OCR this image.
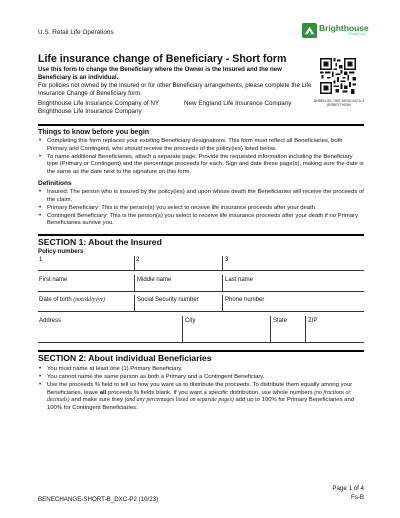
U.S. Retail Life Operations	Brighthouse
FINANCIAL
Life insurance change of Beneficiary - Short form
Use this form to change the Beneficiary where the Owner is the Insured and the new Beneficiary is an individual.
For policies not owned by the Insured or for other Beneficiary arrangements, please complete the Life Insurance Change of Beneficiary form.
Brighthouse Life Insurance Company of NY
Brighthouse Life Insurance Company
New England Life Insurance Company	BHBEN-SE-7WS-ARSD-9A7A-3
(RRBEFTHEW)
Things to know before you begin
• Completing this form replaces your existing Beneficiary designations. This form must reflect all Beneficiaries, both Primary and Contingent, who should receive the proceeds of the policy(ies) listed below.
• To name additional Beneficiaries, attach a separate page. Provide the requested information including the Beneficiary type (Primary or Contingent) and the percentage proceeds for each. Sign and date these page(s), making sure the date is the same as the date next to the signature on this form.
Definitions
• Insured: The person who is insured by the policy(ies) and upon whose death the Beneficiaries will receive the proceeds of the claim.
• Primary Beneficiary: This is the person(s) you select to receive life insurance proceeds after your death.
• Contingent Beneficiary: This is the person(s) you select to receive life insurance proceeds after your death if no Primary Beneficiaries survive you.
SECTION 1: About the Insured
Policy numbers
1	2	3
First name	Middle name	Last name
Date of birth (mm/dd/yyyy)	Social Security number	Phone number
Address	City	State	ZIP
SECTION 2: About individual Beneficiaries
• You must name at least one (1) Primary Beneficiary.
• You cannot name the same person as both a Primary and a Contingent Beneficiary.
• Use the proceeds % field to tell us how you want us to distribute the proceeds. To distribute them equally among your Beneficiaries, leave all proceeds % fields blank. If you want a specific distribution, use whole numbers (no fractions or decimals) and make sure they (and any percentages listed on separate pages) add up to 100% for Primary Beneficiaries and 100% for Contingent Beneficiaries.
Page 1 of 4
Fs-B
BENECHANGE-SHORT-B_DXC-P2 (10/23)
